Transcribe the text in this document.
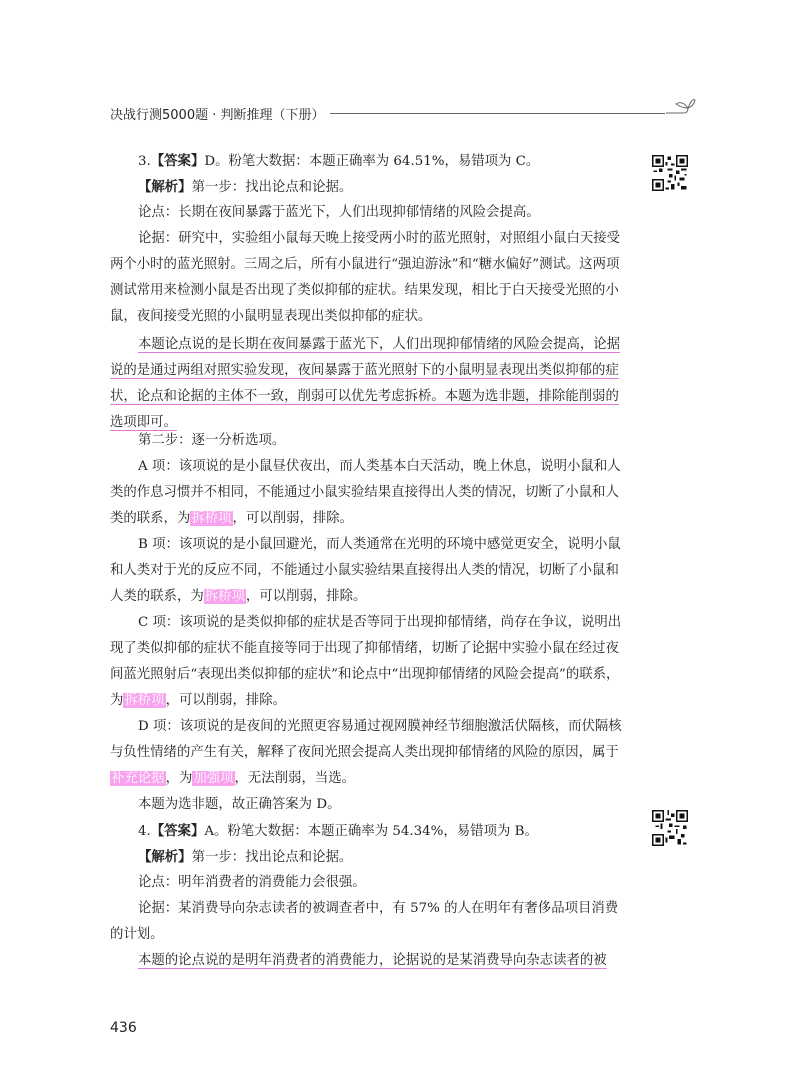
决战行测5000题 · 判断推理（下册）

3.【答案】D。粉笔大数据：本题正确率为 64.51%，易错项为 C。

【解析】第一步：找出论点和论据。

论点：长期在夜间暴露于蓝光下，人们出现抑郁情绪的风险会提高。

论据：研究中，实验组小鼠每天晚上接受两小时的蓝光照射，对照组小鼠白天接受两个小时的蓝光照射。三周之后，所有小鼠进行“强迫游泳”和“糖水偏好”测试。这两项测试常用来检测小鼠是否出现了类似抑郁的症状。结果发现，相比于白天接受光照的小鼠，夜间接受光照的小鼠明显表现出类似抑郁的症状。

本题论点说的是长期在夜间暴露于蓝光下，人们出现抑郁情绪的风险会提高，论据说的是通过两组对照实验发现，夜间暴露于蓝光照射下的小鼠明显表现出类似抑郁的症状，论点和论据的主体不一致，削弱可以优先考虑拆桥。本题为选非题，排除能削弱的选项即可。

第二步：逐一分析选项。

A 项：该项说的是小鼠昼伏夜出，而人类基本白天活动，晚上休息，说明小鼠和人类的作息习惯并不相同，不能通过小鼠实验结果直接得出人类的情况，切断了小鼠和人类的联系，为拆桥项，可以削弱，排除。

B 项：该项说的是小鼠回避光，而人类通常在光明的环境中感觉更安全，说明小鼠和人类对于光的反应不同，不能通过小鼠实验结果直接得出人类的情况，切断了小鼠和人类的联系，为拆桥项，可以削弱，排除。

C 项：该项说的是类似抑郁的症状是否等同于出现抑郁情绪，尚存在争议，说明出现了类似抑郁的症状不能直接等同于出现了抑郁情绪，切断了论据中实验小鼠在经过夜间蓝光照射后“表现出类似抑郁的症状”和论点中“出现抑郁情绪的风险会提高”的联系，为拆桥项，可以削弱，排除。

D 项：该项说的是夜间的光照更容易通过视网膜神经节细胞激活伏隔核，而伏隔核与负性情绪的产生有关，解释了夜间光照会提高人类出现抑郁情绪的风险的原因，属于补充论据，为加强项，无法削弱，当选。

本题为选非题，故正确答案为 D。

4.【答案】A。粉笔大数据：本题正确率为 54.34%，易错项为 B。

【解析】第一步：找出论点和论据。

论点：明年消费者的消费能力会很强。

论据：某消费导向杂志读者的被调查者中，有 57% 的人在明年有奢侈品项目消费的计划。

本题的论点说的是明年消费者的消费能力，论据说的是某消费导向杂志读者的被

436
